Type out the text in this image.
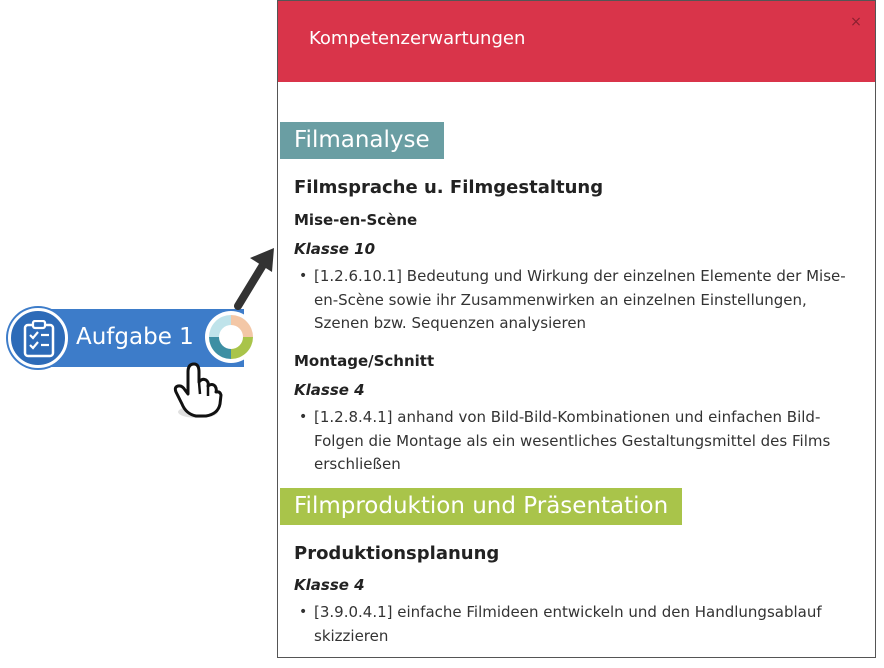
Aufgabe 1
Kompetenzerwartungen
×
Filmanalyse
Filmsprache u. Filmgestaltung
Mise-en-Scène
Klasse 10
• [1.2.6.10.1] Bedeutung und Wirkung der einzelnen Elemente der Mise-en-Scène sowie ihr Zusammenwirken an einzelnen Einstellungen, Szenen bzw. Sequenzen analysieren
Montage/Schnitt
Klasse 4
• [1.2.8.4.1] anhand von Bild-Bild-Kombinationen und einfachen Bild-Folgen die Montage als ein wesentliches Gestaltungsmittel des Films erschließen
Filmproduktion und Präsentation
Produktionsplanung
Klasse 4
• [3.9.0.4.1] einfache Filmideen entwickeln und den Handlungsablauf skizzieren
